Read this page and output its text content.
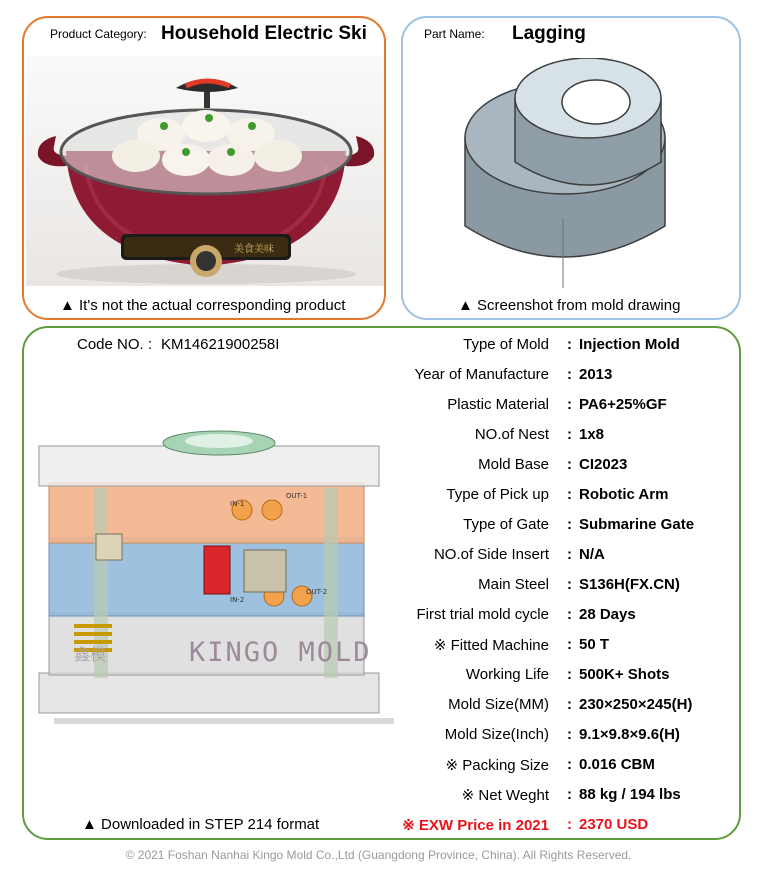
Product Category: Household Electric Ski
美食美味
▲ It's not the actual corresponding product
Part Name: Lagging
▲ Screenshot from mold drawing
Code NO. : KM14621900258I
IN-1
OUT-1
IN-2
OUT-2
鑫模	KINGO MOLD
Type of Mold : Injection Mold
Year of Manufacture : 2013
Plastic Material : PA6+25%GF
NO.of Nest : 1x8
Mold Base : CI2023
Type of Pick up : Robotic Arm
Type of Gate : Submarine Gate
NO.of Side Insert : N/A
Main Steel : S136H(FX.CN)
First trial mold cycle : 28 Days
※ Fitted Machine : 50 T
Working Life : 500K+ Shots
Mold Size(MM) : 230×250×245(H)
Mold Size(Inch) : 9.1×9.8×9.6(H)
※ Packing Size : 0.016 CBM
※ Net Weght : 88 kg / 194 lbs
※ EXW Price in 2021 : 2370 USD
▲ Downloaded in STEP 214 format
© 2021 Foshan Nanhai Kingo Mold Co.,Ltd (Guangdong Province, China). All Rights Reserved.
